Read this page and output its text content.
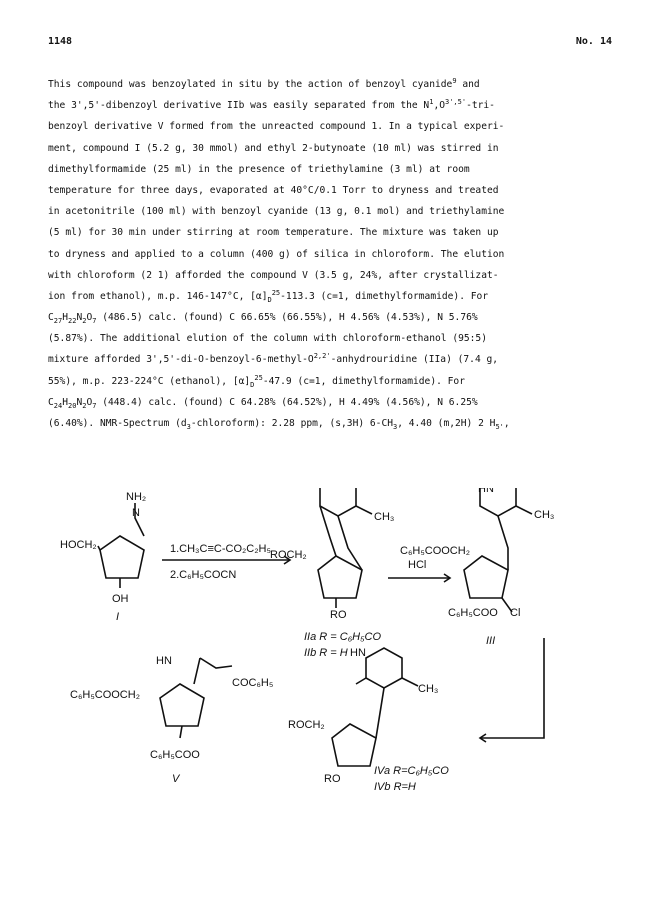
1148	No. 14
This compound was benzoylated in situ by the action of benzoyl cyanide$^9$ and
the 3',5'-dibenzoyl derivative IIb was easily separated from the $N^1,O^{3',5'}-tri-$
benzoyl derivative V formed from the unreacted compound 1. In a typical experi-
ment, compound I (5.2 g, 30 mmol) and ethyl 2-butynoate (10 ml) was stirred in
dimethylformamide (25 ml) in the presence of triethylamine (3 ml) at room
temperature for three days, evaporated at 40°C/0.1 Torr to dryness and treated
in acetonitrile (100 ml) with benzoyl cyanide (13 g, 0.1 mol) and triethylamine
(5 ml) for 30 min under stirring at room temperature. The mixture was taken up
to dryness and applied to a column (400 g) of silica in chloroform. The elution
with chloroform (2 1) afforded the compound V (3.5 g, 24%, after crystallizat-
ion from ethanol), m.p. 146-147°C, $[\alpha]_D^{25}-113.3$ (c=1, dimethylformamide). For
$C_{27}H_{22}N_2O_7$ (486.5) calc. (found) C 66.65% (66.55%), H 4.56% (4.53%), N 5.76%
(5.87%). The additional elution of the column with chloroform-ethanol (95:5)
mixture afforded $3',5'-di-O-benzoyl-6-methyl-O^{2,2'}$-anhydrouridine (IIa) (7.4 g,
55%), m.p. 223-224°C (ethanol), $[\alpha]_D^{25}-47.9$ (c=1, dimethylformamide). For
$C_{24}H_{20}N_2O_7$ (448.4) calc. (found) C 64.28% (64.52%), H 4.49% (4.56%), N 6.25%
(6.40%). NMR-Spectrum $(d_3-chloroform)$: 2.28 ppm, (s,3H) $6-CH_3$, 4.40 (m,2H) 2 $H_{5'}$,
NH₂
N
HOCH₂
OH
I
1.CH₃C≡C-CO₂C₂H₅
2.C₆H₅COCN
ROCH₂
CH₃
RO
IIa R = C₆H₅CO
IIb R = H
HCl
HN
CH₃
C₆H₅COOCH₂
C₆H₅COO Cl
III
HN
COC₆H₅
C₆H₅COOCH₂
C₆H₅COO
V
HN
CH₃
ROCH₂
RO
IVa R=C₆H₅CO
IVb R=H
